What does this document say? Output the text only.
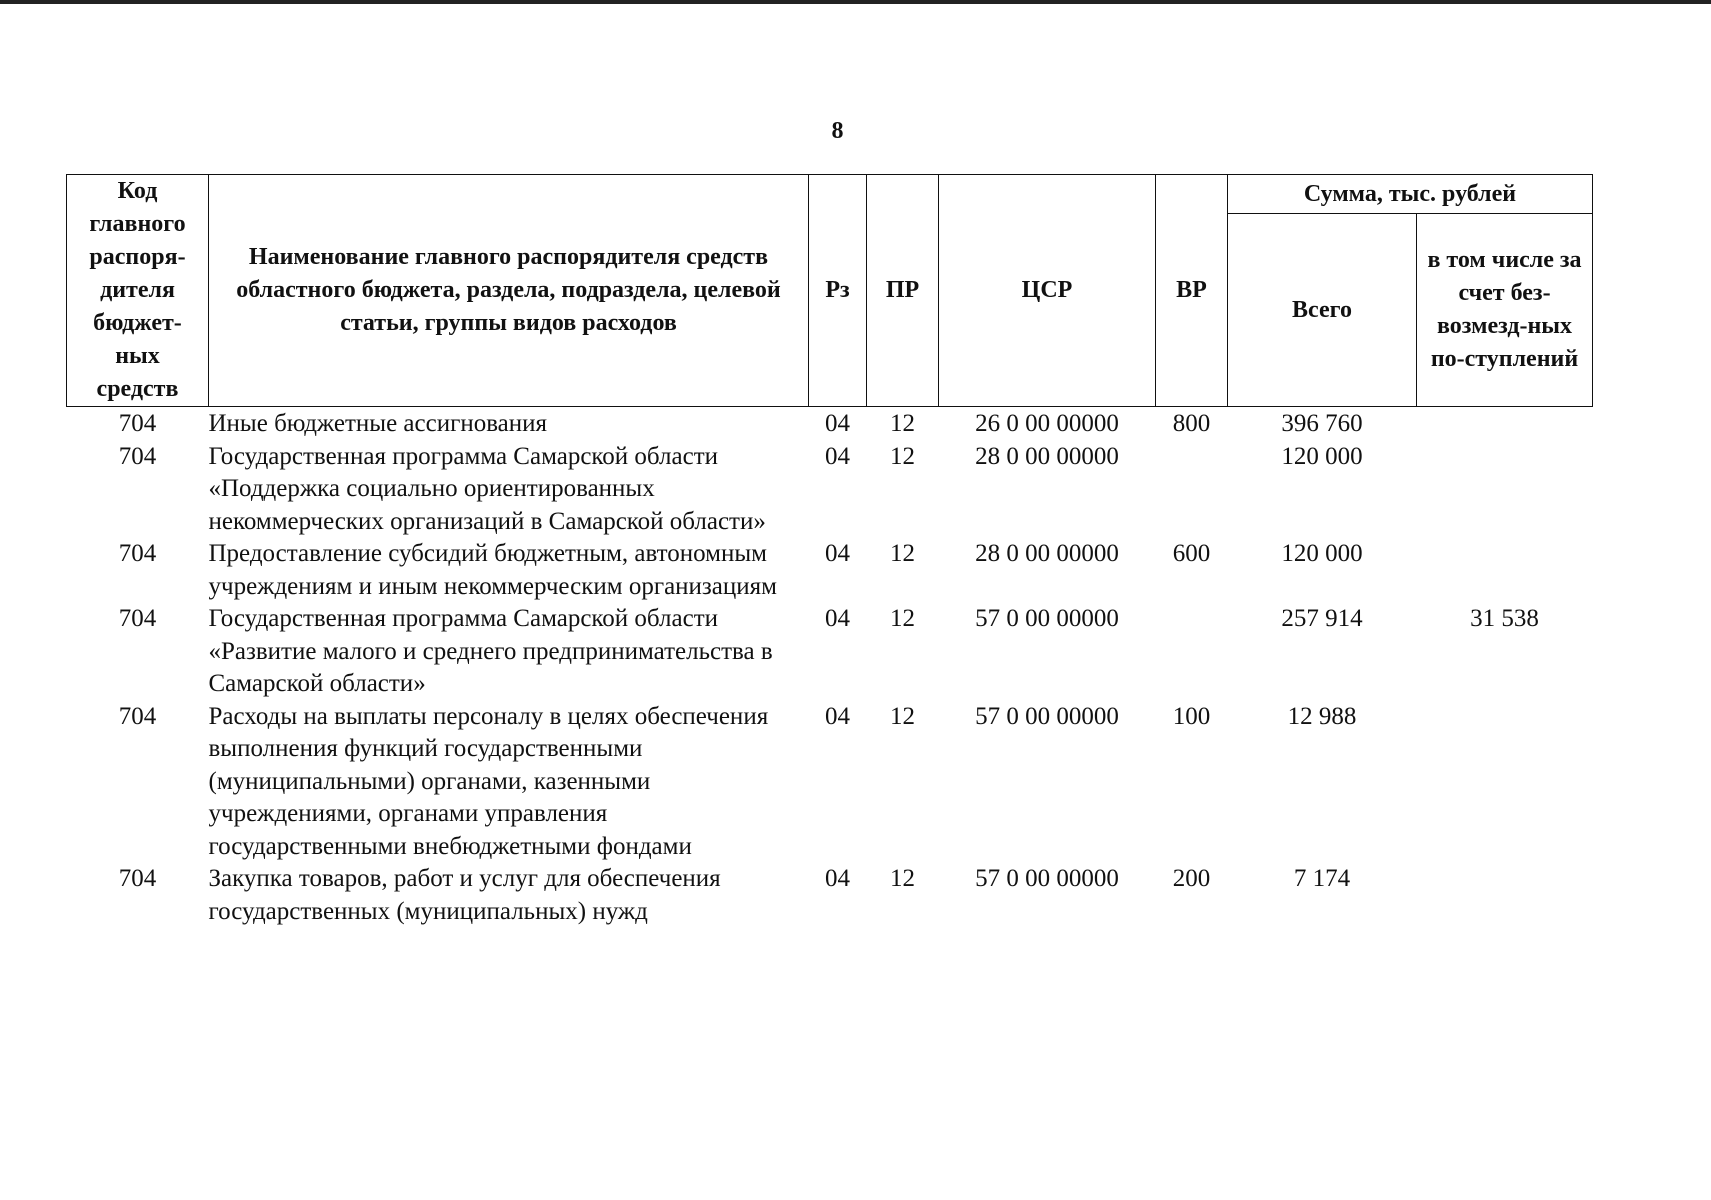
8
Код главного распоря-дителя бюджет-ных средств	Наименование главного распорядителя средств областного бюджета, раздела, подраздела, целевой статьи, группы видов расходов	Рз	ПР	ЦСР	ВР	Сумма, тыс. рублей	
						Всего	в том числе за счет без-возмезд-ных по-ступлений
704	Иные бюджетные ассигнования	04	12	26 0 00 00000	800	396 760	
704	Государственная программа Самарской области «Поддержка социально ориентированных некоммерческих организаций в Самарской области»	04	12	28 0 00 00000		120 000	
704	Предоставление субсидий бюджетным, автономным учреждениям и иным некоммерческим организациям	04	12	28 0 00 00000	600	120 000	
704	Государственная программа Самарской области «Развитие малого и среднего предпринимательства в Самарской области»	04	12	57 0 00 00000		257 914	31 538
704	Расходы на выплаты персоналу в целях обеспечения выполнения функций государственными (муниципальными) органами, казенными учреждениями, органами управления государственными внебюджетными фондами	04	12	57 0 00 00000	100	12 988	
704	Закупка товаров, работ и услуг для обеспечения государственных (муниципальных) нужд	04	12	57 0 00 00000	200	7 174	
